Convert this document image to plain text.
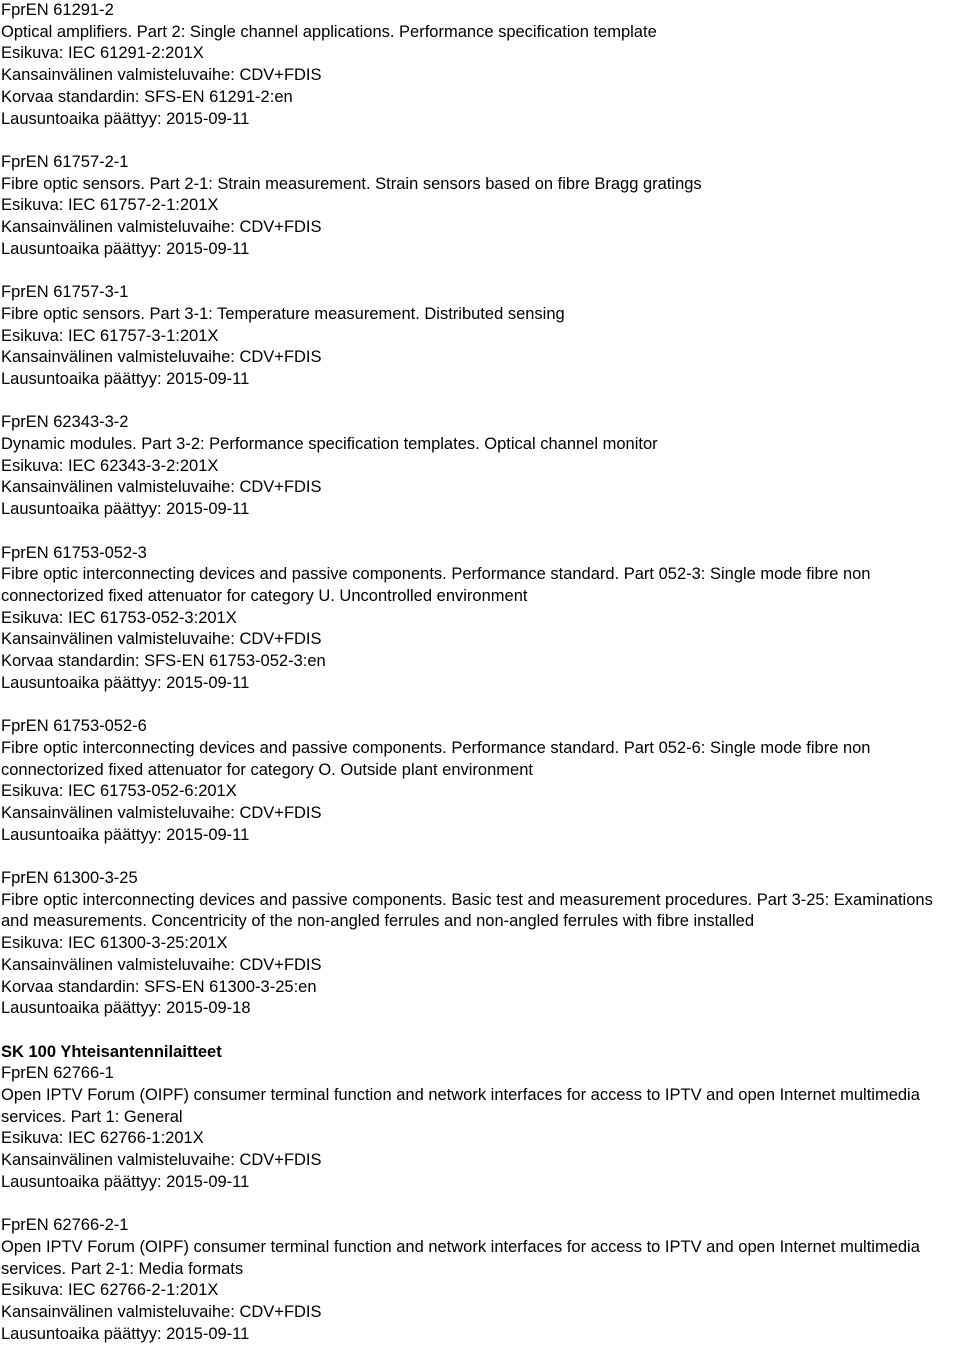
FprEN 61291-2
Optical amplifiers. Part 2: Single channel applications. Performance specification template
Esikuva: IEC 61291-2:201X
Kansainvälinen valmisteluvaihe: CDV+FDIS
Korvaa standardin: SFS-EN 61291-2:en
Lausuntoaika päättyy: 2015-09-11
FprEN 61757-2-1
Fibre optic sensors. Part 2-1: Strain measurement. Strain sensors based on fibre Bragg gratings
Esikuva: IEC 61757-2-1:201X
Kansainvälinen valmisteluvaihe: CDV+FDIS
Lausuntoaika päättyy: 2015-09-11
FprEN 61757-3-1
Fibre optic sensors. Part 3-1: Temperature measurement. Distributed sensing
Esikuva: IEC 61757-3-1:201X
Kansainvälinen valmisteluvaihe: CDV+FDIS
Lausuntoaika päättyy: 2015-09-11
FprEN 62343-3-2
Dynamic modules. Part 3-2: Performance specification templates. Optical channel monitor
Esikuva: IEC 62343-3-2:201X
Kansainvälinen valmisteluvaihe: CDV+FDIS
Lausuntoaika päättyy: 2015-09-11
FprEN 61753-052-3
Fibre optic interconnecting devices and passive components. Performance standard. Part 052-3: Single mode fibre non connectorized fixed attenuator for category U. Uncontrolled environment
Esikuva: IEC 61753-052-3:201X
Kansainvälinen valmisteluvaihe: CDV+FDIS
Korvaa standardin: SFS-EN 61753-052-3:en
Lausuntoaika päättyy: 2015-09-11
FprEN 61753-052-6
Fibre optic interconnecting devices and passive components. Performance standard. Part 052-6: Single mode fibre non connectorized fixed attenuator for category O. Outside plant environment
Esikuva: IEC 61753-052-6:201X
Kansainvälinen valmisteluvaihe: CDV+FDIS
Lausuntoaika päättyy: 2015-09-11
FprEN 61300-3-25
Fibre optic interconnecting devices and passive components. Basic test and measurement procedures. Part 3-25: Examinations and measurements. Concentricity of the non-angled ferrules and non-angled ferrules with fibre installed
Esikuva: IEC 61300-3-25:201X
Kansainvälinen valmisteluvaihe: CDV+FDIS
Korvaa standardin: SFS-EN 61300-3-25:en
Lausuntoaika päättyy: 2015-09-18
SK 100 Yhteisantennilaitteet
FprEN 62766-1
Open IPTV Forum (OIPF) consumer terminal function and network interfaces for access to IPTV and open Internet multimedia services. Part 1: General
Esikuva: IEC 62766-1:201X
Kansainvälinen valmisteluvaihe: CDV+FDIS
Lausuntoaika päättyy: 2015-09-11
FprEN 62766-2-1
Open IPTV Forum (OIPF) consumer terminal function and network interfaces for access to IPTV and open Internet multimedia services. Part 2-1: Media formats
Esikuva: IEC 62766-2-1:201X
Kansainvälinen valmisteluvaihe: CDV+FDIS
Lausuntoaika päättyy: 2015-09-11
